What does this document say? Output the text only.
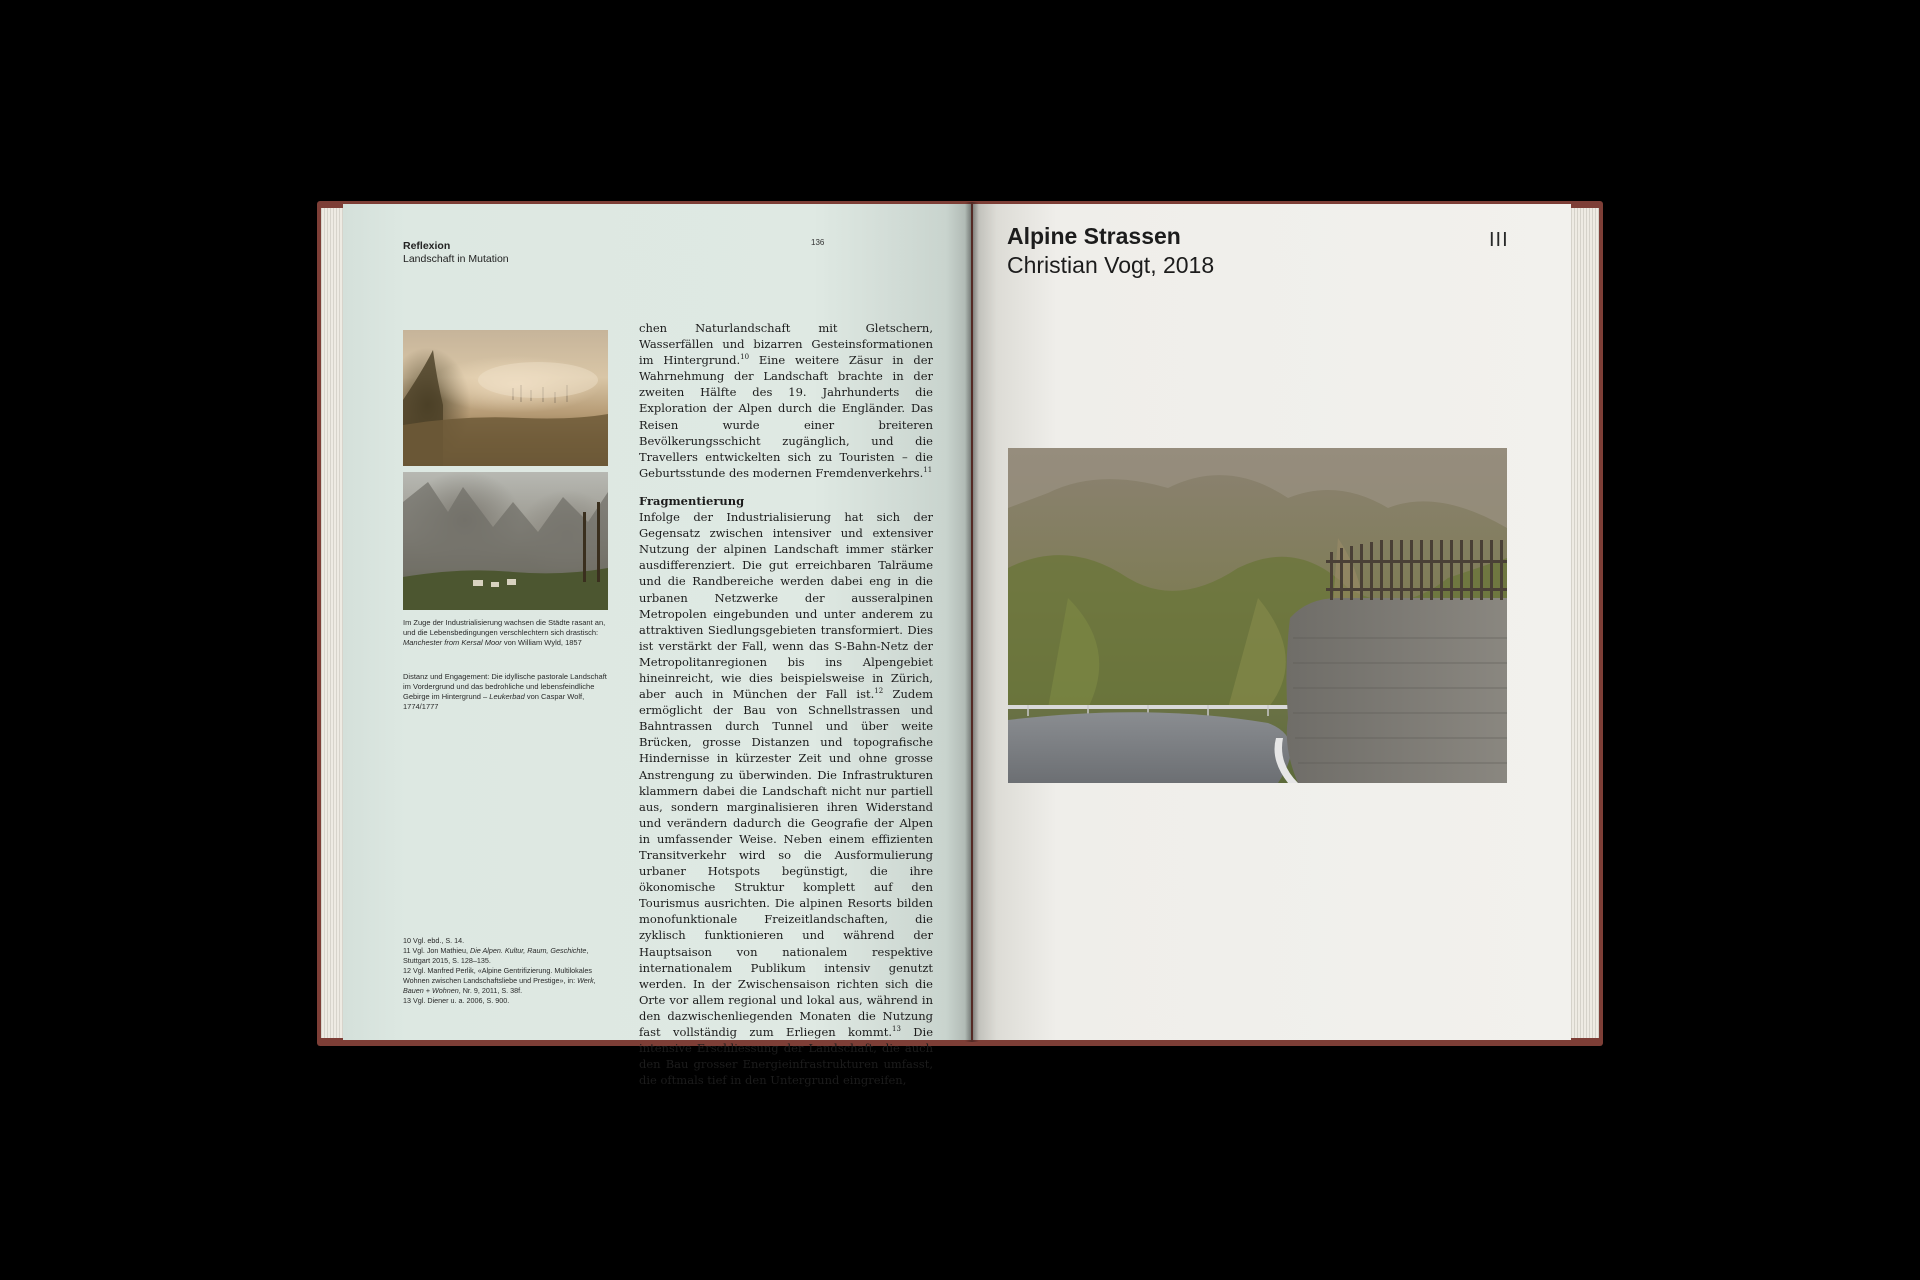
Reflexion
Landschaft in Mutation
136
Im Zuge der Industrialisierung wachsen die Städte rasant an, und die Lebensbedingungen verschlechtern sich drastisch: Manchester from Kersal Moor von William Wyld, 1857
Distanz und Engagement: Die idyllische pastorale Landschaft im Vordergrund und das bedrohliche und lebensfeindliche Gebirge im Hintergrund – Leukerbad von Caspar Wolf, 1774/1777
10 Vgl. ebd., S. 14.
11 Vgl. Jon Mathieu, Die Alpen. Kultur, Raum, Geschichte, Stuttgart 2015, S. 128–135.
12 Vgl. Manfred Perlik, «Alpine Gentrifizierung. Multilokales Wohnen zwischen Landschaftsliebe und Prestige», in: Werk, Bauen + Wohnen, Nr. 9, 2011, S. 38f.
13 Vgl. Diener u. a. 2006, S. 900.

chen Naturlandschaft mit Gletschern, Wasserfällen und bizarren Gesteinsformationen im Hintergrund.$^{10}$ Eine weitere Zäsur in der Wahrnehmung der Landschaft brachte in der zweiten Hälfte des 19. Jahrhunderts die Exploration der Alpen durch die Engländer. Das Reisen wurde einer breiteren Bevölkerungsschicht zugänglich, und die Travellers entwickelten sich zu Touristen – die Geburtsstunde des modernen Fremdenverkehrs.$^{11}$

Fragmentierung

Infolge der Industrialisierung hat sich der Gegensatz zwischen intensiver und extensiver Nutzung der alpinen Landschaft immer stärker ausdifferenziert. Die gut erreichbaren Talräume und die Randbereiche werden dabei eng in die urbanen Netzwerke der ausseralpinen Metropolen eingebunden und unter anderem zu attraktiven Siedlungsgebieten transformiert. Dies ist verstärkt der Fall, wenn das S-Bahn-Netz der Metropolitanregionen bis ins Alpengebiet hineinreicht, wie dies beispielsweise in Zürich, aber auch in München der Fall ist.$^{12}$ Zudem ermöglicht der Bau von Schnellstrassen und Bahntrassen durch Tunnel und über weite Brücken, grosse Distanzen und topografische Hindernisse in kürzester Zeit und ohne grosse Anstrengung zu überwinden. Die Infrastrukturen klammern dabei die Landschaft nicht nur partiell aus, sondern marginalisieren ihren Widerstand und verändern dadurch die Geografie der Alpen in umfassender Weise. Neben einem effizienten Transitverkehr wird so die Ausformulierung urbaner Hotspots begünstigt, die ihre ökonomische Struktur komplett auf den Tourismus ausrichten. Die alpinen Resorts bilden monofunktionale Freizeitlandschaften, die zyklisch funktionieren und während der Hauptsaison von nationalem respektive internationalem Publikum intensiv genutzt werden. In der Zwischensaison richten sich die Orte vor allem regional und lokal aus, während in den dazwischenliegenden Monaten die Nutzung fast vollständig zum Erliegen kommt.$^{13}$ Die intensive Erschliessung der Landschaft, die auch den Bau grosser Energieinfrastrukturen umfasst, die oftmals tief in den Untergrund eingreifen,

Alpine Strassen
Christian Vogt, 2018
III
